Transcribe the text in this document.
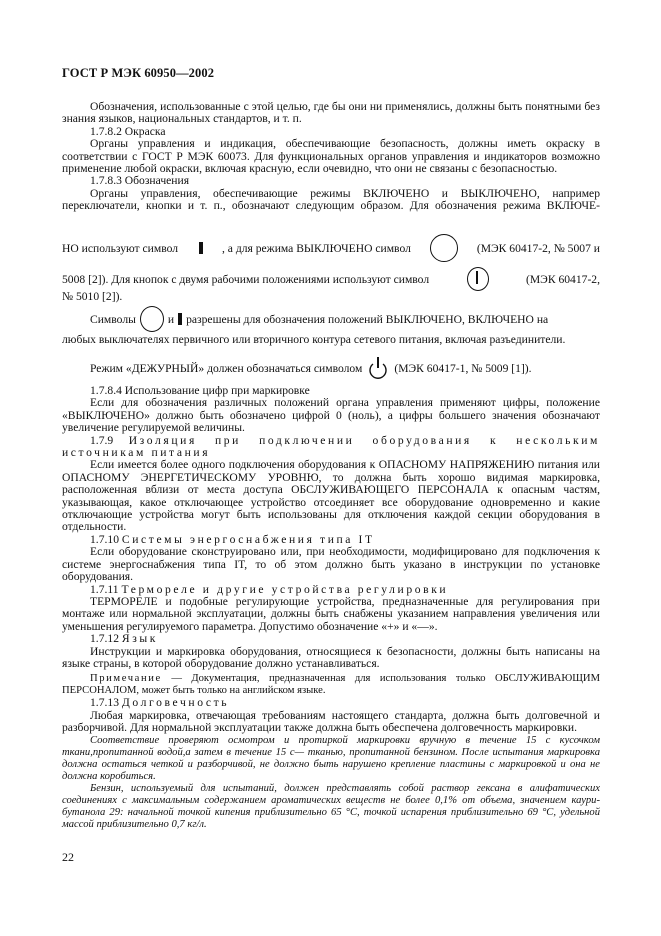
ГОСТ Р МЭК 60950—2002

Обозначения, использованные с этой целью, где бы они ни применялись, должны быть понятными без знания языков, национальных стандартов, и т. п.

1.7.8.2 Окраска

Органы управления и индикация, обеспечивающие безопасность, должны иметь окраску в соответствии с ГОСТ Р МЭК 60073. Для функциональных органов управления и индикаторов возможно применение любой окраски, включая красную, если очевидно, что они не связаны с безопасностью.

1.7.8.3 Обозначения

Органы управления, обеспечивающие режимы ВКЛЮЧЕНО и ВЫКЛЮЧЕНО, например переключатели, кнопки и т. п., обозначают следующим образом. Для обозначения режима ВКЛЮЧЕ-

НО используют символ	, а для режима ВЫКЛЮЧЕНО символ	(МЭК 60417-2, № 5007 и
5008 [2]). Для кнопок с двумя рабочими положениями используют символ	(МЭК 60417-2,
№ 5010 [2]).
Символы	и разрешены для обозначения положений ВЫКЛЮЧЕНО, ВКЛЮЧЕНО на
любых выключателях первичного или вторичного контура сетевого питания, включая разъединители.
Режим «ДЕЖУРНЫЙ» должен обозначаться символом	(МЭК 60417-1, № 5009 [1]).

1.7.8.4 Использование цифр при маркировке

Если для обозначения различных положений органа управления применяют цифры, положение «ВЫКЛЮЧЕНО» должно быть обозначено цифрой 0 (ноль), а цифры большего значения обозначают увеличение регулируемой величины.

1.7.9 Изоляция при подключении оборудования к нескольким источникам питания

Если имеется более одного подключения оборудования к ОПАСНОМУ НАПРЯЖЕНИЮ питания или ОПАСНОМУ ЭНЕРГЕТИЧЕСКОМУ УРОВНЮ, то должна быть хорошо видимая маркировка, расположенная вблизи от места доступа ОБСЛУЖИВАЮЩЕГО ПЕРСОНАЛА к опасным частям, указывающая, какое отключающее устройство отсоединяет все оборудование одновременно и какие отключающие устройства могут быть использованы для отключения каждой секции оборудования в отдельности.

1.7.10 Системы энергоснабжения типа IT

Если оборудование сконструировано или, при необходимости, модифицировано для подключения к системе энергоснабжения типа IT, то об этом должно быть указано в инструкции по установке оборудования.

1.7.11 Термореле и другие устройства регулировки

ТЕРМОРЕЛЕ и подобные регулирующие устройства, предназначенные для регулирования при монтаже или нормальной эксплуатации, должны быть снабжены указанием направления увеличения или уменьшения регулируемого параметра. Допустимо обозначение «+» и «—».

1.7.12 Язык

Инструкции и маркировка оборудования, относящиеся к безопасности, должны быть написаны на языке страны, в которой оборудование должно устанавливаться.

Примечание — Документация, предназначенная для использования только ОБСЛУЖИВАЮЩИМ ПЕРСОНАЛОМ, может быть только на английском языке.

1.7.13 Долговечность

Любая маркировка, отвечающая требованиям настоящего стандарта, должна быть долговечной и разборчивой. Для нормальной эксплуатации также должна быть обеспечена долговечность маркировки.

Соответствие проверяют осмотром и протиркой маркировки вручную в течение 15 с кусочком ткани,пропитанной водой,а затем в течение 15 с— тканью, пропитанной бензином. После испытания маркировка должна остаться четкой и разборчивой, не должно быть нарушено крепление пластины с маркировкой и она не должна коробиться.

Бензин, используемый для испытаний, должен представлять собой раствор гексана в алифатических соединениях с максимальным содержанием ароматических веществ не более 0,1% от объема, значением каури-бутанола 29: начальной точкой кипения приблизительно 65 °С, точкой испарения приблизительно 69 °С, удельной массой приблизительно 0,7 кг/л.

22
